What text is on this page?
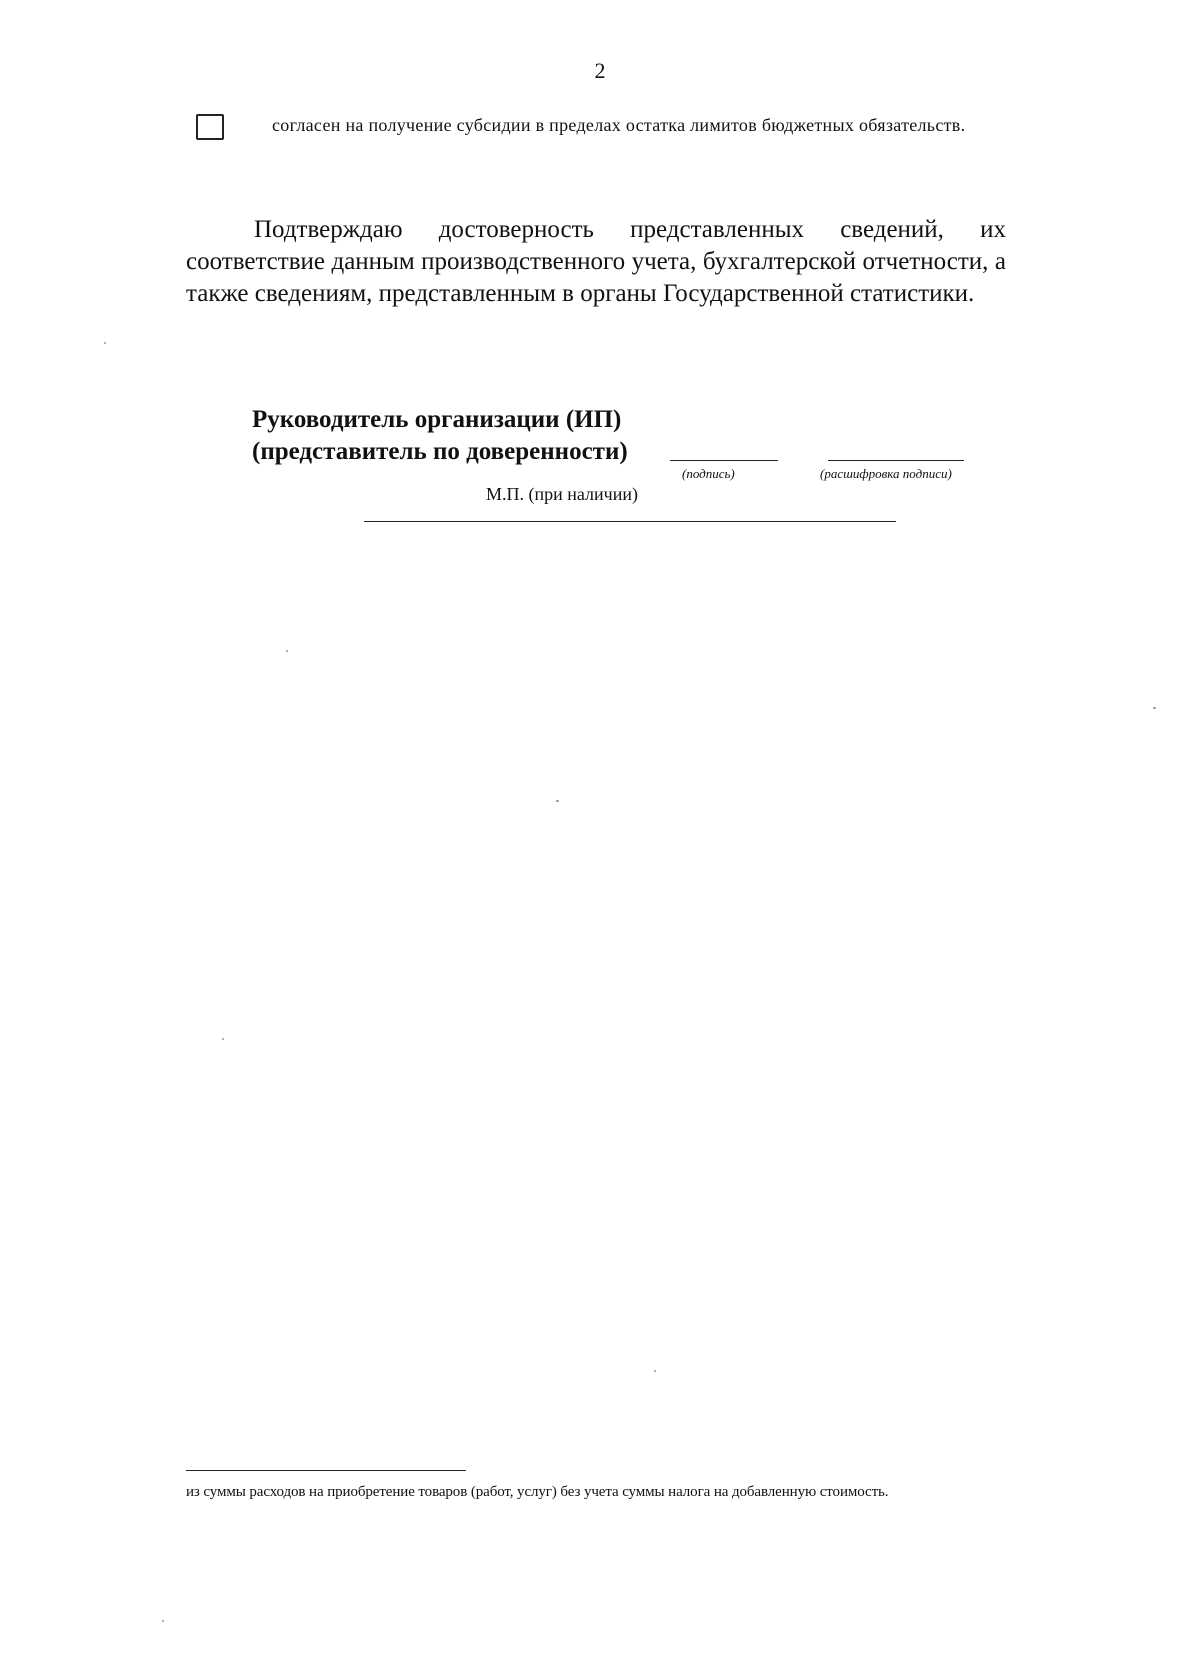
2
согласен на получение субсидии в пределах остатка лимитов бюджетных обязательств.
Подтверждаю достоверность представленных сведений, их соответствие данным производственного учета, бухгалтерской отчетности, а также сведениям, представленным в органы Государственной статистики.
Руководитель организации (ИП)
(представитель по доверенности)
(подпись)	(расшифровка подписи)
М.П. (при наличии)
из суммы расходов на приобретение товаров (работ, услуг) без учета суммы налога на добавленную стоимость.
